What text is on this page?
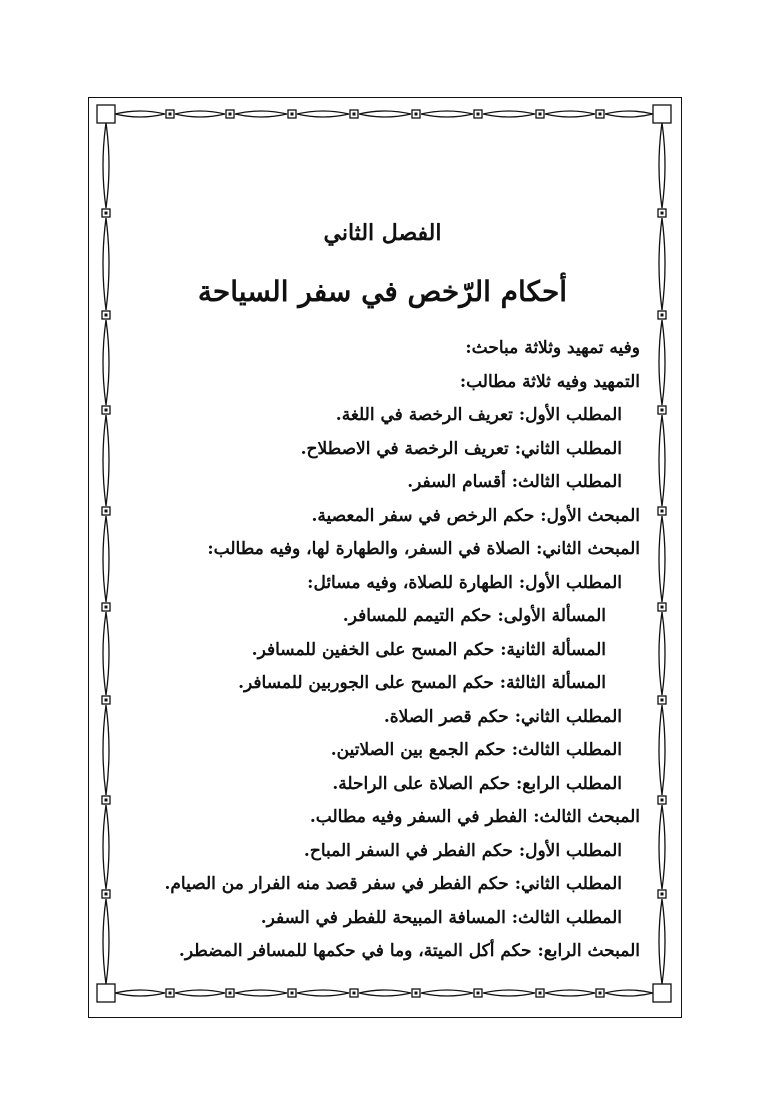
الفصل الثاني
أحكام الرّخص في سفر السياحة
وفيه تمهيد وثلاثة مباحث:
التمهيد وفيه ثلاثة مطالب:
المطلب الأول: تعريف الرخصة في اللغة.
المطلب الثاني: تعريف الرخصة في الاصطلاح.
المطلب الثالث: أقسام السفر.
المبحث الأول: حكم الرخص في سفر المعصية.
المبحث الثاني: الصلاة في السفر، والطهارة لها، وفيه مطالب:
المطلب الأول: الطهارة للصلاة، وفيه مسائل:
المسألة الأولى: حكم التيمم للمسافر.
المسألة الثانية: حكم المسح على الخفين للمسافر.
المسألة الثالثة: حكم المسح على الجوربين للمسافر.
المطلب الثاني: حكم قصر الصلاة.
المطلب الثالث: حكم الجمع بين الصلاتين.
المطلب الرابع: حكم الصلاة على الراحلة.
المبحث الثالث: الفطر في السفر وفيه مطالب.
المطلب الأول: حكم الفطر في السفر المباح.
المطلب الثاني: حكم الفطر في سفر قصد منه الفرار من الصيام.
المطلب الثالث: المسافة المبيحة للفطر في السفر.
المبحث الرابع: حكم أكل الميتة، وما في حكمها للمسافر المضطر.
